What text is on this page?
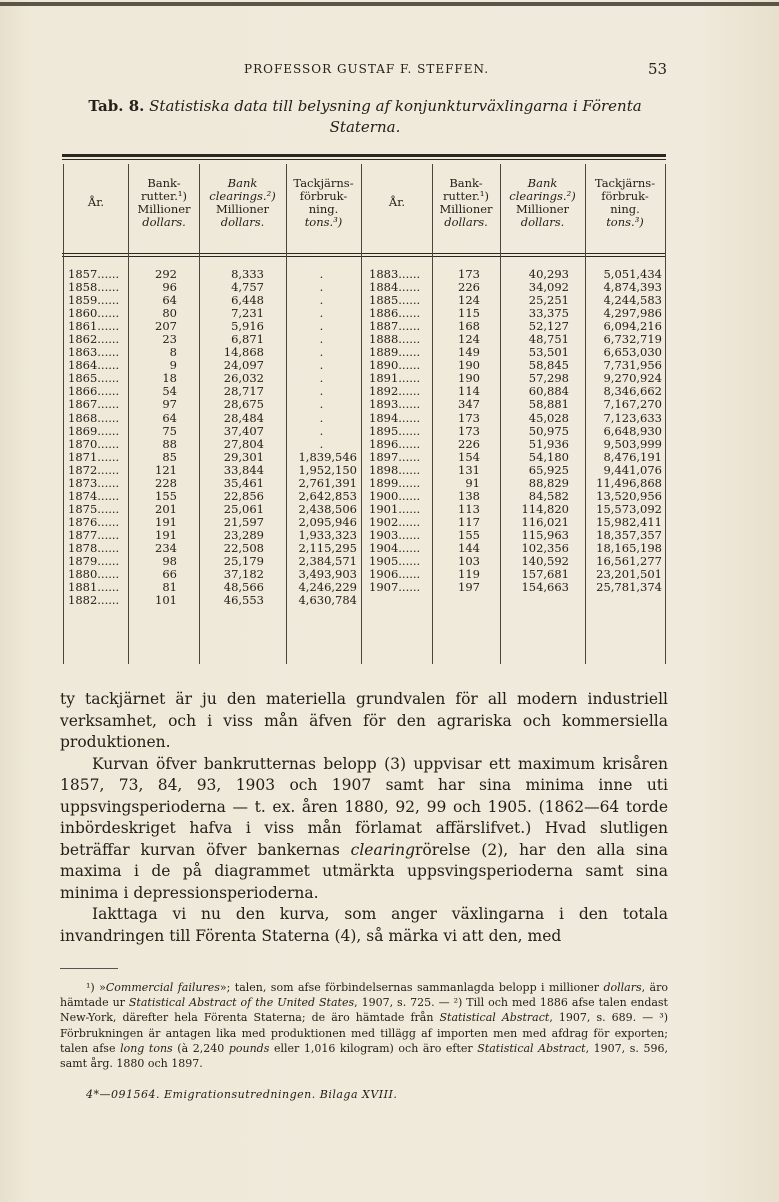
PROFESSOR GUSTAF F. STEFFEN.	53
Tab. 8. Statistiska data till belysning af konjunkturväxlingarna i Förenta Staterna.
År.
Bank-
rutter.¹)
Millioner
dollars.
Bank
clearings.²)
Millioner
dollars.
Tackjärns-
förbruk-
ning.
tons.³)
År.
Bank-
rutter.¹)
Millioner
dollars.
Bank
clearings.²)
Millioner
dollars.
Tackjärns-
förbruk-
ning.
tons.³)
1857......
1858......
1859......
1860......
1861......
1862......
1863......
1864......
1865......
1866......
1867......
1868......
1869......
1870......
1871......
1872......
1873......
1874......
1875......
1876......
1877......
1878......
1879......
1880......
1881......
1882......
292
96
64
80
207
23
8
9
18
54
97
64
75
88
85
121
228
155
201
191
191
234
98
66
81
101
8,333
4,757
6,448
7,231
5,916
6,871
14,868
24,097
26,032
28,717
28,675
28,484
37,407
27,804
29,301
33,844
35,461
22,856
25,061
21,597
23,289
22,508
25,179
37,182
48,566
46,553
.
.
.
.
.
.
.
.
.
.
.
.
.
.
1,839,546
1,952,150
2,761,391
2,642,853
2,438,506
2,095,946
1,933,323
2,115,295
2,384,571
3,493,903
4,246,229
4,630,784
1883......
1884......
1885......
1886......
1887......
1888......
1889......
1890......
1891......
1892......
1893......
1894......
1895......
1896......
1897......
1898......
1899......
1900......
1901......
1902......
1903......
1904......
1905......
1906......
1907......
173
226
124
115
168
124
149
190
190
114
347
173
173
226
154
131
91
138
113
117
155
144
103
119
197
40,293
34,092
25,251
33,375
52,127
48,751
53,501
58,845
57,298
60,884
58,881
45,028
50,975
51,936
54,180
65,925
88,829
84,582
114,820
116,021
115,963
102,356
140,592
157,681
154,663
5,051,434
4,874,393
4,244,583
4,297,986
6,094,216
6,732,719
6,653,030
7,731,956
9,270,924
8,346,662
7,167,270
7,123,633
6,648,930
9,503,999
8,476,191
9,441,076
11,496,868
13,520,956
15,573,092
15,982,411
18,357,357
18,165,198
16,561,277
23,201,501
25,781,374

ty tackjärnet är ju den materiella grundvalen för all modern industriell verksamhet, och i viss mån äfven för den agrariska och kommersiella produktionen.

Kurvan öfver bankrutternas belopp (3) uppvisar ett maximum krisåren 1857, 73, 84, 93, 1903 och 1907 samt har sina minima inne uti uppsvingsperioderna — t. ex. åren 1880, 92, 99 och 1905. (1862—64 torde inbördeskriget hafva i viss mån förlamat affärslifvet.) Hvad slutligen beträffar kurvan öfver bankernas clearingrörelse (2), har den alla sina maxima i de på diagrammet utmärkta uppsvingsperioderna samt sina minima i depressionsperioderna.

Iakttaga vi nu den kurva, som anger växlingarna i den totala invandringen till Förenta Staterna (4), så märka vi att den, med

¹) »Commercial failures»; talen, som afse förbindelsernas sammanlagda belopp i millioner dollars, äro hämtade ur Statistical Abstract of the United States, 1907, s. 725. — ²) Till och med 1886 afse talen endast New-York, därefter hela Förenta Staterna; de äro hämtade från Statistical Abstract, 1907, s. 689. — ³) Förbrukningen är antagen lika med produktionen med tillägg af importen men med afdrag för exporten; talen afse long tons (à 2,240 pounds eller 1,016 kilogram) och äro efter Statistical Abstract, 1907, s. 596, samt årg. 1880 och 1897.
4*—091564. Emigrationsutredningen. Bilaga XVIII.
